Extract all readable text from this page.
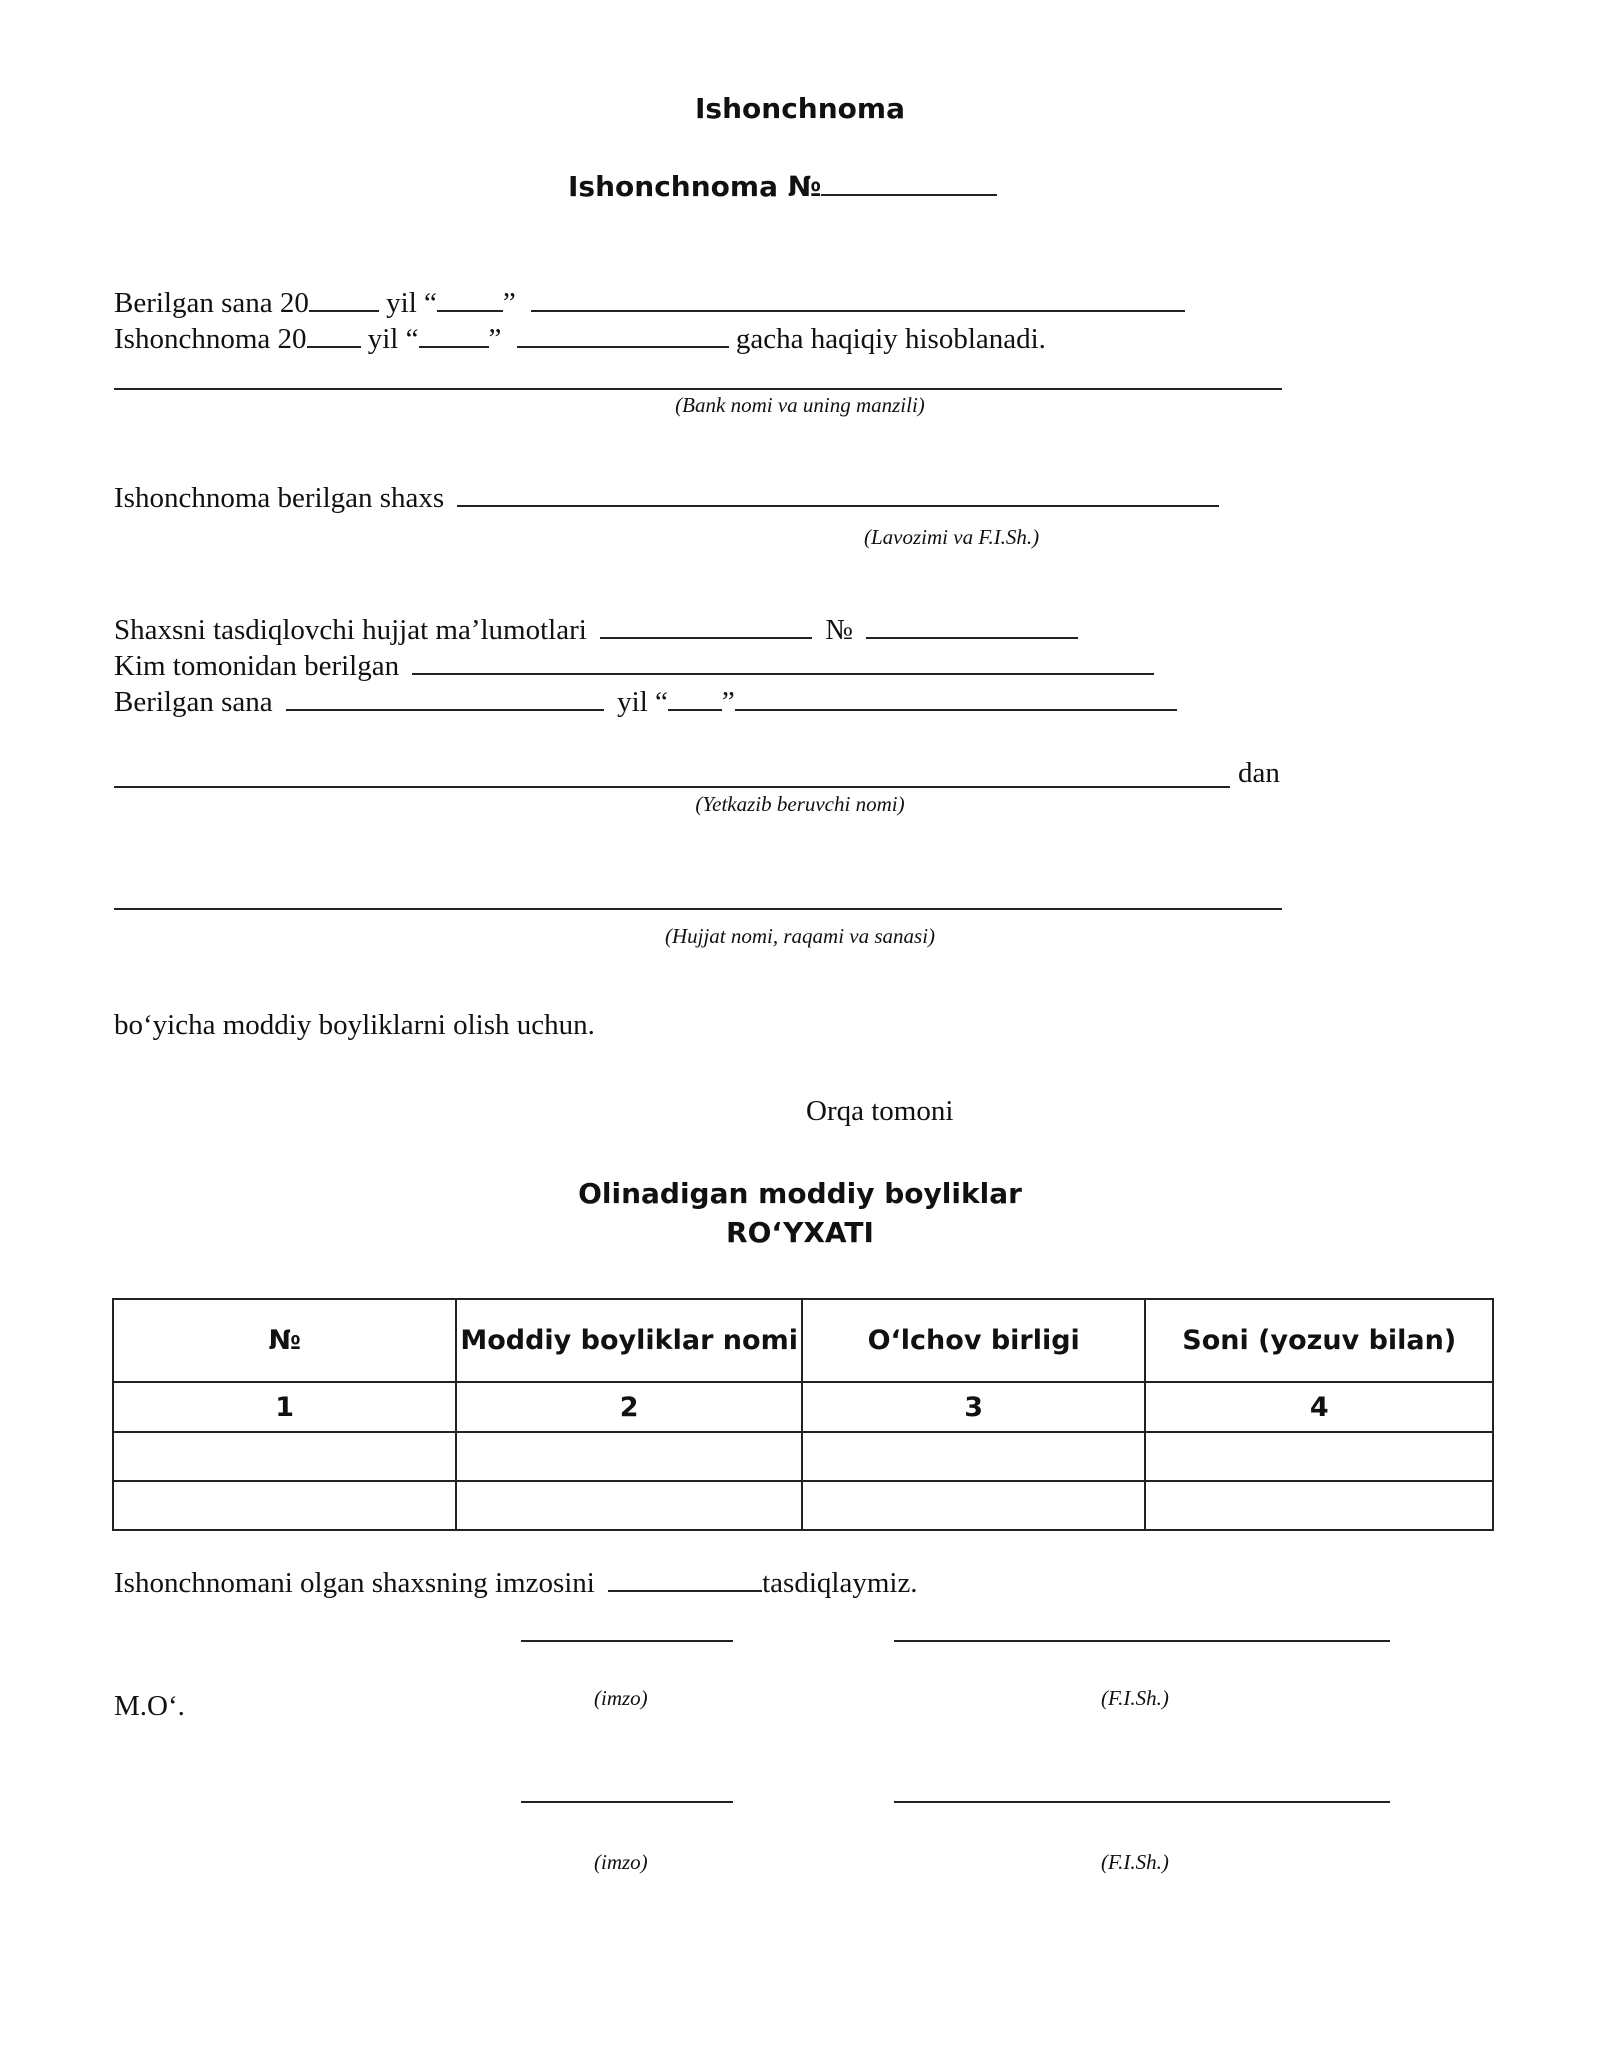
Ishonchnoma
Ishonchnoma №
Berilgan sana 20	yil “ ”
Ishonchnoma 20 yil “ ”	gacha haqiqiy hisoblanadi.
(Bank nomi va uning manzili)
Ishonchnoma berilgan shaxs
(Lavozimi va F.I.Sh.)
Shaxsni tasdiqlovchi hujjat ma’lumotlari	№
Kim tomonidan berilgan
Berilgan sana	yil “ ”
dan
(Yetkazib beruvchi nomi)
(Hujjat nomi, raqami va sanasi)
bo‘yicha moddiy boyliklarni olish uchun.
Orqa tomoni
Olinadigan moddiy boyliklar
RO‘YXATI
№	Moddiy boyliklar nomi	O‘lchov birligi	Soni (yozuv bilan)
1	2	3	4

Ishonchnomani olgan shaxsning imzosini	tasdiqlaymiz.
M.O‘.	(imzo)	(F.I.Sh.)
(imzo)	(F.I.Sh.)
